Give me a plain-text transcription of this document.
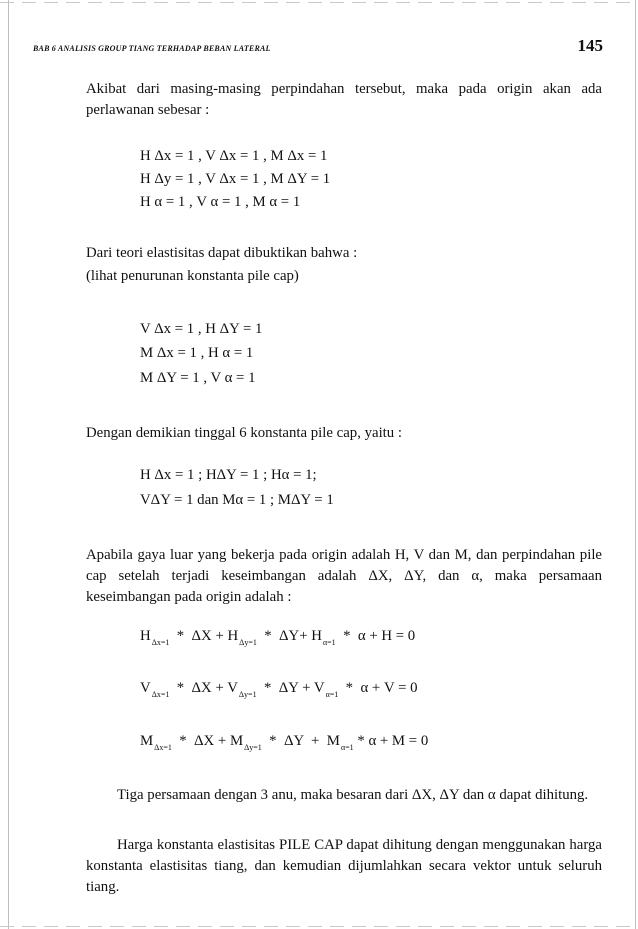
BAB 6 ANALISIS GROUP TIANG TERHADAP BEBAN LATERAL	145
Akibat dari masing-masing perpindahan tersebut, maka pada origin akan ada perlawanan sebesar :
H Δx = 1 , V Δx = 1 , M Δx = 1
H Δy = 1 , V Δx = 1 , M ΔY = 1
H α = 1 , V α = 1 , M α = 1
Dari teori elastisitas dapat dibuktikan bahwa :
(lihat penurunan konstanta pile cap)
V Δx = 1 , H ΔY = 1
M Δx = 1 , H α = 1
M ΔY = 1 , V α = 1
Dengan demikian tinggal 6 konstanta pile cap, yaitu :
H Δx = 1 ; HΔY = 1 ; Hα = 1;
VΔY = 1 dan Mα = 1 ; MΔY = 1
Apabila gaya luar yang bekerja pada origin adalah H, V dan M, dan perpindahan pile cap setelah terjadi keseimbangan adalah ΔX, ΔY, dan α, maka persamaan keseimbangan pada origin adalah :
$H_{\Delta x=1} * \Delta X + H_{\Delta y=1} * \Delta Y+ H_{\alpha=1} * \alpha + H = 0$
$V_{\Delta x=1} * \Delta X + V_{\Delta y=1} * \Delta Y + V_{\alpha=1} * \alpha + V = 0$
$M_{\Delta x=1} * \Delta X + M_{\Delta y=1} * \Delta Y + M_{\alpha=1} * \alpha + M = 0$
Tiga persamaan dengan 3 anu, maka besaran dari ΔX, ΔY dan α dapat dihitung.
Harga konstanta elastisitas PILE CAP dapat dihitung dengan menggunakan harga konstanta elastisitas tiang, dan kemudian dijumlahkan secara vektor untuk seluruh tiang.
